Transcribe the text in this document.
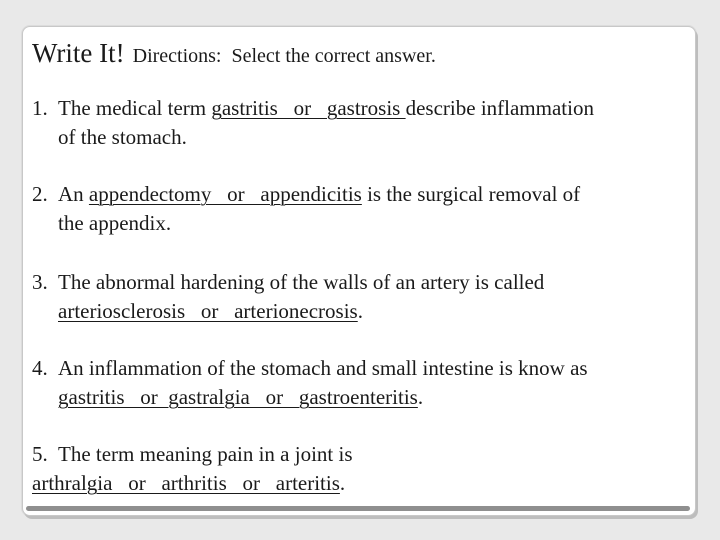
Write It! Directions:  Select the correct answer.
1. The medical term gastritis   or   gastrosis describe inflammation
of the stomach.
2. An appendectomy   or   appendicitis is the surgical removal of
the appendix.
3. The abnormal hardening of the walls of an artery is called
arteriosclerosis   or   arterionecrosis.
4. An inflammation of the stomach and small intestine is know as
gastritis   or  gastralgia   or   gastroenteritis.
5. The term meaning pain in a joint is
arthralgia   or   arthritis   or   arteritis.
